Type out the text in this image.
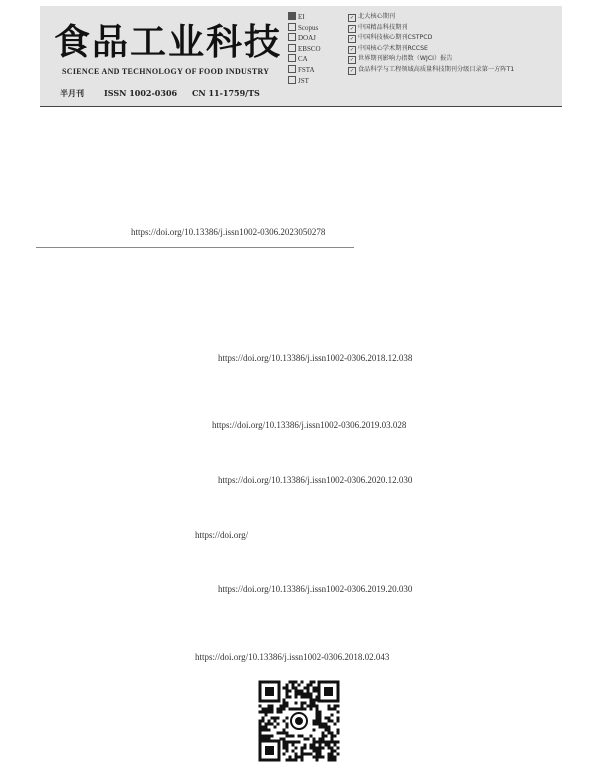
食品工业科技
SCIENCE AND TECHNOLOGY OF FOOD INDUSTRY
半月刊	ISSN 1002-0306 CN 11-1759/TS
EI
Scopus
DOAJ
EBSCO
CA
FSTA
JST
✓ 北大核心期刊
✓ 中国精品科技期刊
✓ 中国科技核心期刊CSTPCD
✓ 中国核心学术期刊RCCSE
✓ 世界期刊影响力指数（WJCI）报告
✓ 食品科学与工程领域高质量科技期刊分级目录第一方阵T1
https://doi.org/10.13386/j.issn1002-0306.2023050278
https://doi.org/10.13386/j.issn1002-0306.2018.12.038
https://doi.org/10.13386/j.issn1002-0306.2019.03.028
https://doi.org/10.13386/j.issn1002-0306.2020.12.030
https://doi.org/
https://doi.org/10.13386/j.issn1002-0306.2019.20.030
https://doi.org/10.13386/j.issn1002-0306.2018.02.043
